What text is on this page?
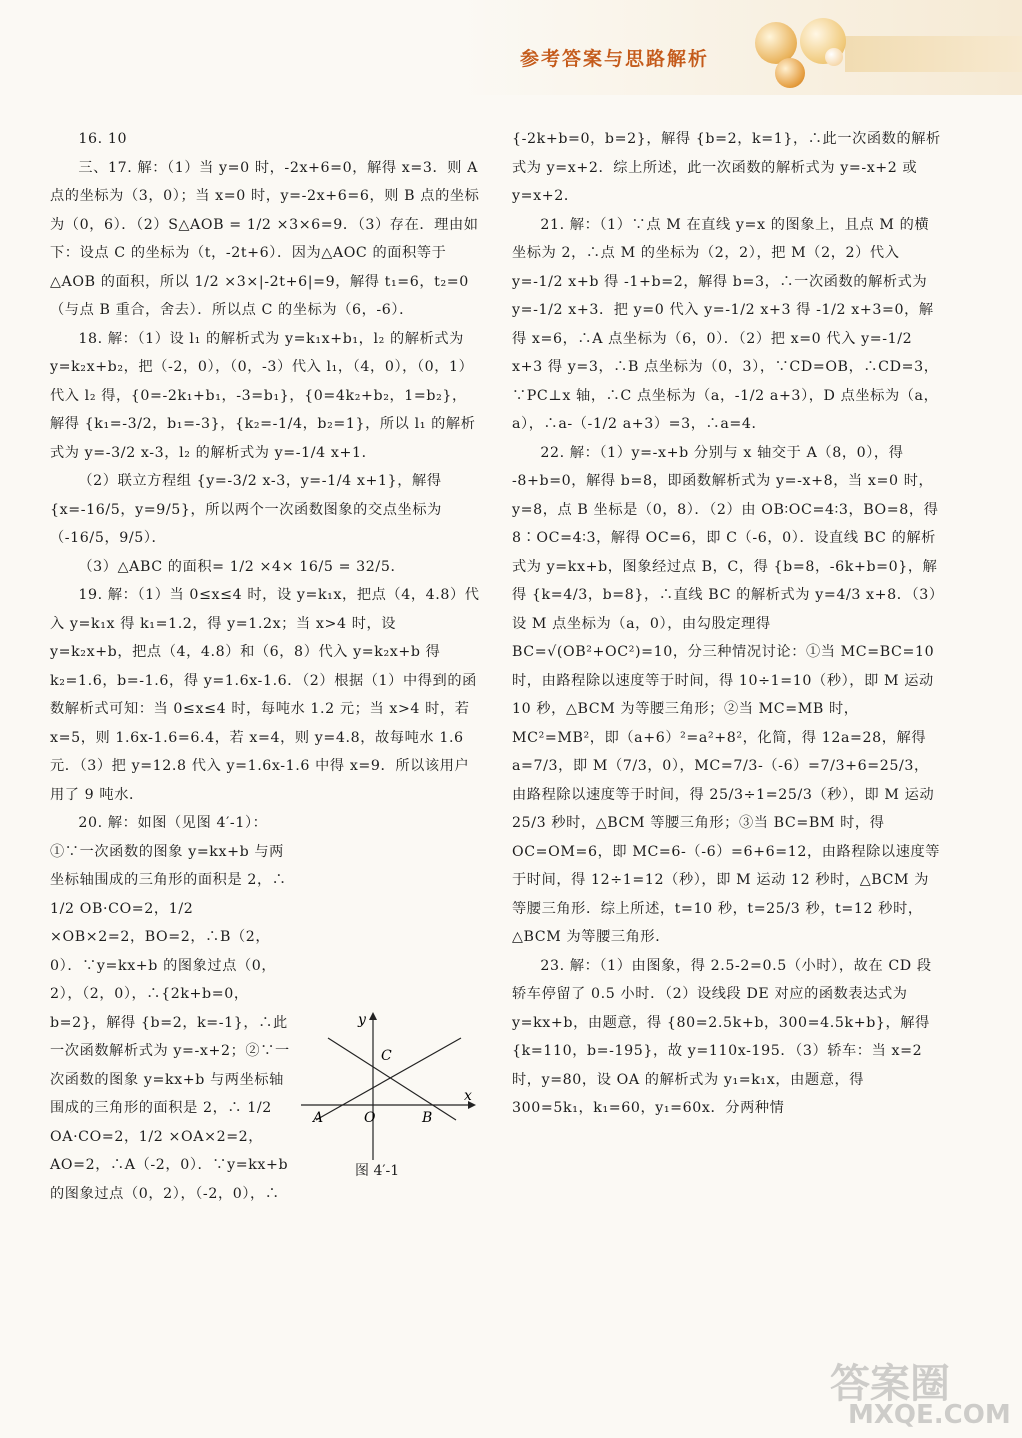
参考答案与思路解析

16. 10

三、17. 解：（1）当 y=0 时，-2x+6=0，解得 x=3．则 A 点的坐标为（3，0）；当 x=0 时，y=-2x+6=6，则 B 点的坐标为（0，6）．（2）S△AOB = 1/2 ×3×6=9．（3）存在．理由如下：设点 C 的坐标为（t，-2t+6）．因为△AOC 的面积等于△AOB 的面积，所以 1/2 ×3×|-2t+6|=9，解得 t₁=6，t₂=0（与点 B 重合，舍去）．所以点 C 的坐标为（6，-6）．

18. 解：（1）设 l₁ 的解析式为 y=k₁x+b₁，l₂ 的解析式为 y=k₂x+b₂，把（-2，0），（0，-3）代入 l₁，（4，0），（0，1）代入 l₂ 得，{0=-2k₁+b₁，-3=b₁}，{0=4k₂+b₂，1=b₂}，解得 {k₁=-3/2，b₁=-3}，{k₂=-1/4，b₂=1}，所以 l₁ 的解析式为 y=-3/2 x-3，l₂ 的解析式为 y=-1/4 x+1．

（2）联立方程组 {y=-3/2 x-3，y=-1/4 x+1}，解得 {x=-16/5，y=9/5}，所以两个一次函数图象的交点坐标为（-16/5，9/5）．

（3）△ABC 的面积= 1/2 ×4× 16/5 = 32/5．

19. 解：（1）当 0≤x≤4 时，设 y=k₁x，把点（4，4.8）代入 y=k₁x 得 k₁=1.2，得 y=1.2x；当 x>4 时，设 y=k₂x+b，把点（4，4.8）和（6，8）代入 y=k₂x+b 得 k₂=1.6，b=-1.6，得 y=1.6x-1.6．（2）根据（1）中得到的函数解析式可知：当 0≤x≤4 时，每吨水 1.2 元；当 x>4 时，若 x=5，则 1.6x-1.6=6.4，若 x=4，则 y=4.8，故每吨水 1.6 元．（3）把 y=12.8 代入 y=1.6x-1.6 中得 x=9．所以该用户用了 9 吨水．

20. 解：如图（见图 4′-1）：①∵一次函数的图象 y=kx+b 与两坐标轴围成的三角形的面积是 2，∴ 1/2 OB·CO=2，1/2 ×OB×2=2，BO=2，∴B（2，0）．∵y=kx+b 的图象过点（0，2），（2，0），∴{2k+b=0，b=2}，解得 {b=2，k=-1}，∴此一次函数解析式为 y=-x+2；②∵一次函数的图象 y=kx+b 与两坐标轴围成的三角形的面积是 2，∴ 1/2 OA·CO=2，1/2 ×OA×2=2，AO=2，∴A（-2，0）．∵y=kx+b 的图象过点（0，2），（-2，0），∴

{-2k+b=0，b=2}，解得 {b=2，k=1}，∴此一次函数的解析式为 y=x+2．综上所述，此一次函数的解析式为 y=-x+2 或 y=x+2．

21. 解：（1）∵点 M 在直线 y=x 的图象上，且点 M 的横坐标为 2，∴点 M 的坐标为（2，2），把 M（2，2）代入 y=-1/2 x+b 得 -1+b=2，解得 b=3，∴一次函数的解析式为 y=-1/2 x+3．把 y=0 代入 y=-1/2 x+3 得 -1/2 x+3=0，解得 x=6，∴A 点坐标为（6，0）．（2）把 x=0 代入 y=-1/2 x+3 得 y=3，∴B 点坐标为（0，3），∵CD=OB，∴CD=3，∵PC⊥x 轴，∴C 点坐标为（a，-1/2 a+3），D 点坐标为（a，a），∴a-（-1/2 a+3）=3，∴a=4．

22. 解：（1）y=-x+b 分别与 x 轴交于 A（8，0），得 -8+b=0，解得 b=8，即函数解析式为 y=-x+8，当 x=0 时，y=8，点 B 坐标是（0，8）．（2）由 OB∶OC=4∶3，BO=8，得 8∶OC=4∶3，解得 OC=6，即 C（-6，0）．设直线 BC 的解析式为 y=kx+b，图象经过点 B，C，得 {b=8，-6k+b=0}，解得 {k=4/3，b=8}，∴直线 BC 的解析式为 y=4/3 x+8．（3）设 M 点坐标为（a，0），由勾股定理得 BC=√(OB²+OC²)=10，分三种情况讨论：①当 MC=BC=10 时，由路程除以速度等于时间，得 10÷1=10（秒），即 M 运动 10 秒，△BCM 为等腰三角形；②当 MC=MB 时，MC²=MB²，即（a+6）²=a²+8²，化简，得 12a=28，解得 a=7/3，即 M（7/3，0），MC=7/3-（-6）=7/3+6=25/3，由路程除以速度等于时间，得 25/3÷1=25/3（秒），即 M 运动 25/3 秒时，△BCM 等腰三角形；③当 BC=BM 时，得 OC=OM=6，即 MC=6-（-6）=6+6=12，由路程除以速度等于时间，得 12÷1=12（秒），即 M 运动 12 秒时，△BCM 为等腰三角形．综上所述，t=10 秒，t=25/3 秒，t=12 秒时，△BCM 为等腰三角形．

23. 解：（1）由图象，得 2.5-2=0.5（小时），故在 CD 段轿车停留了 0.5 小时．（2）设线段 DE 对应的函数表达式为 y=kx+b，由题意，得 {80=2.5k+b，300=4.5k+b}，解得 {k=110，b=-195}，故 y=110x-195．（3）轿车：当 x=2 时，y=80，设 OA 的解析式为 y₁=k₁x，由题意，得 300=5k₁，k₁=60，y₁=60x．分两种情

y
x
C
A	O	B
图 4′-1
答案圈
MXQE.COM
